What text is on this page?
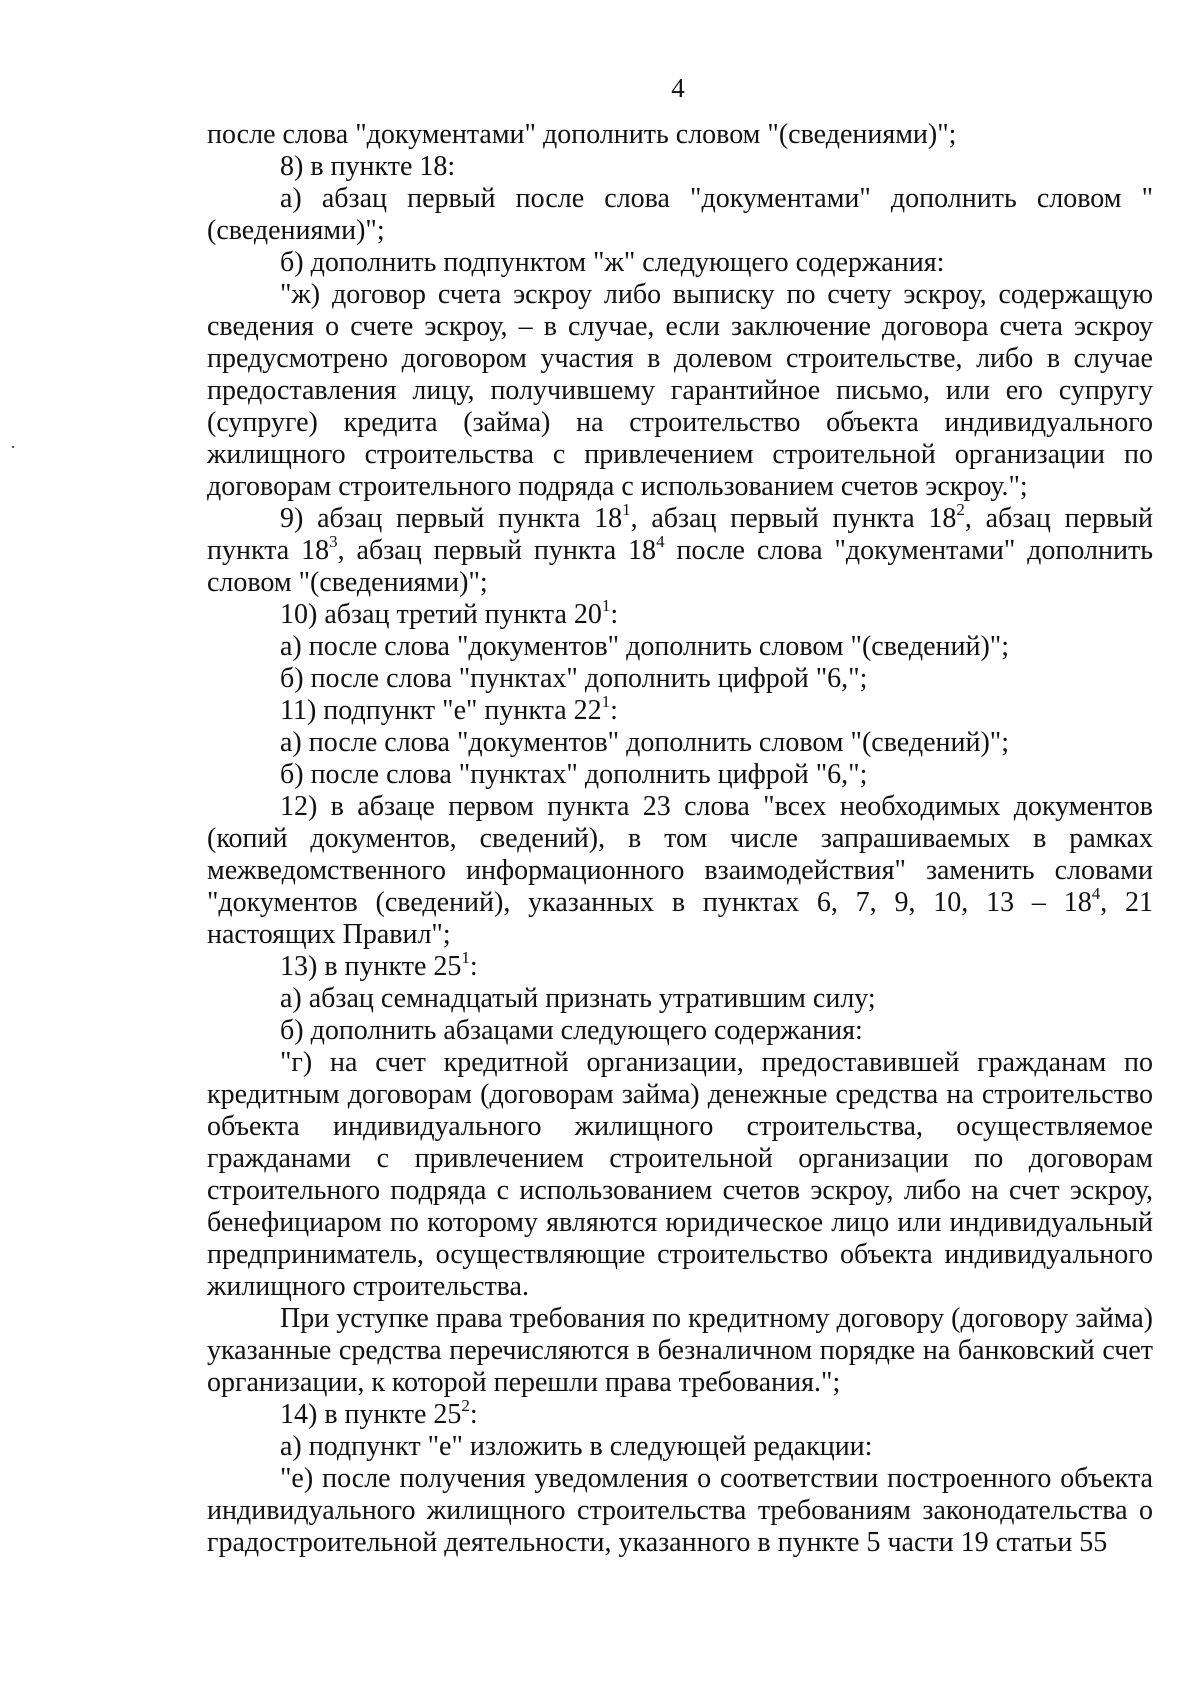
4

после слова "документами" дополнить словом "(сведениями)";

8) в пункте 18:

а) абзац первый после слова "документами" дополнить словом "(сведениями)";

б) дополнить подпунктом "ж" следующего содержания:

"ж) договор счета эскроу либо выписку по счету эскроу, содержащую сведения о счете эскроу, – в случае, если заключение договора счета эскроу предусмотрено договором участия в долевом строительстве, либо в случае предоставления лицу, получившему гарантийное письмо, или его супругу (супруге) кредита (займа) на строительство объекта индивидуального жилищного строительства с привлечением строительной организации по договорам строительного подряда с использованием счетов эскроу.";

9) абзац первый пункта $18^1$, абзац первый пункта $18^2$, абзац первый пункта $18^3$, абзац первый пункта $18^4$ после слова "документами" дополнить словом "(сведениями)";

10) абзац третий пункта $20^1$:

а) после слова "документов" дополнить словом "(сведений)";

б) после слова "пунктах" дополнить цифрой "6,";

11) подпункт "е" пункта $22^1$:

а) после слова "документов" дополнить словом "(сведений)";

б) после слова "пунктах" дополнить цифрой "6,";

12) в абзаце первом пункта 23 слова "всех необходимых документов (копий документов, сведений), в том числе запрашиваемых в рамках межведомственного информационного взаимодействия" заменить словами "документов (сведений), указанных в пунктах 6, 7, 9, 10, $13 - 18^4$, 21 настоящих Правил";

13) в пункте $25^1$:

а) абзац семнадцатый признать утратившим силу;

б) дополнить абзацами следующего содержания:

"г) на счет кредитной организации, предоставившей гражданам по кредитным договорам (договорам займа) денежные средства на строительство объекта индивидуального жилищного строительства, осуществляемое гражданами с привлечением строительной организации по договорам строительного подряда с использованием счетов эскроу, либо на счет эскроу, бенефициаром по которому являются юридическое лицо или индивидуальный предприниматель, осуществляющие строительство объекта индивидуального жилищного строительства.

При уступке права требования по кредитному договору (договору займа) указанные средства перечисляются в безналичном порядке на банковский счет организации, к которой перешли права требования.";

14) в пункте $25^2$:

а) подпункт "е" изложить в следующей редакции:

"е) после получения уведомления о соответствии построенного объекта индивидуального жилищного строительства требованиям законодательства о градостроительной деятельности, указанного в пункте 5 части 19 статьи 55
